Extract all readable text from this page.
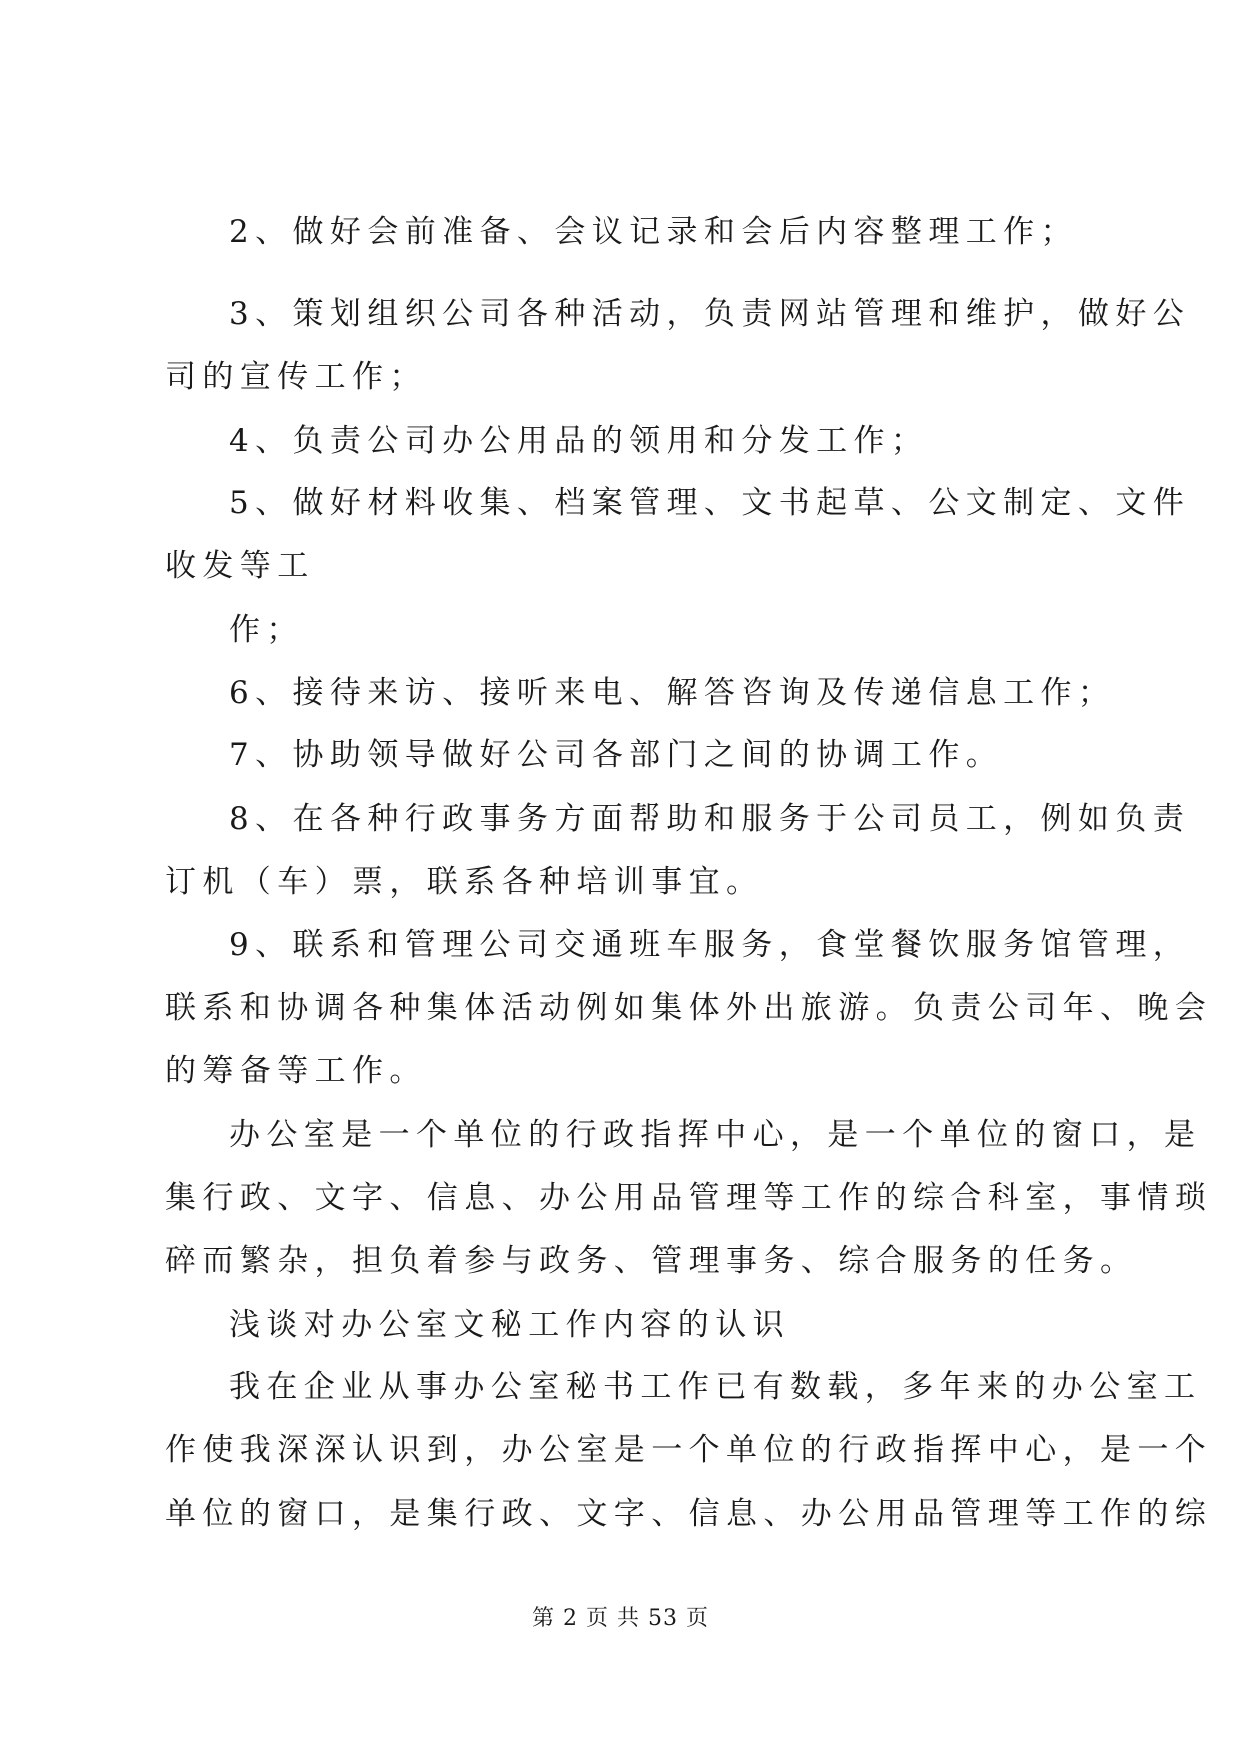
2、做好会前准备、会议记录和会后内容整理工作；
3、策划组织公司各种活动，负责网站管理和维护，做好公
司的宣传工作；
4、负责公司办公用品的领用和分发工作；
5、做好材料收集、档案管理、文书起草、公文制定、文件
收发等工
作；
6、接待来访、接听来电、解答咨询及传递信息工作；
7、协助领导做好公司各部门之间的协调工作。
8、在各种行政事务方面帮助和服务于公司员工，例如负责
订机（车）票，联系各种培训事宜。
9、联系和管理公司交通班车服务，食堂餐饮服务馆管理，
联系和协调各种集体活动例如集体外出旅游。负责公司年、晚会
的筹备等工作。
办公室是一个单位的行政指挥中心，是一个单位的窗口，是
集行政、文字、信息、办公用品管理等工作的综合科室，事情琐
碎而繁杂，担负着参与政务、管理事务、综合服务的任务。
浅谈对办公室文秘工作内容的认识
我在企业从事办公室秘书工作已有数载，多年来的办公室工
作使我深深认识到，办公室是一个单位的行政指挥中心，是一个
单位的窗口，是集行政、文字、信息、办公用品管理等工作的综
第 2 页 共 53 页
